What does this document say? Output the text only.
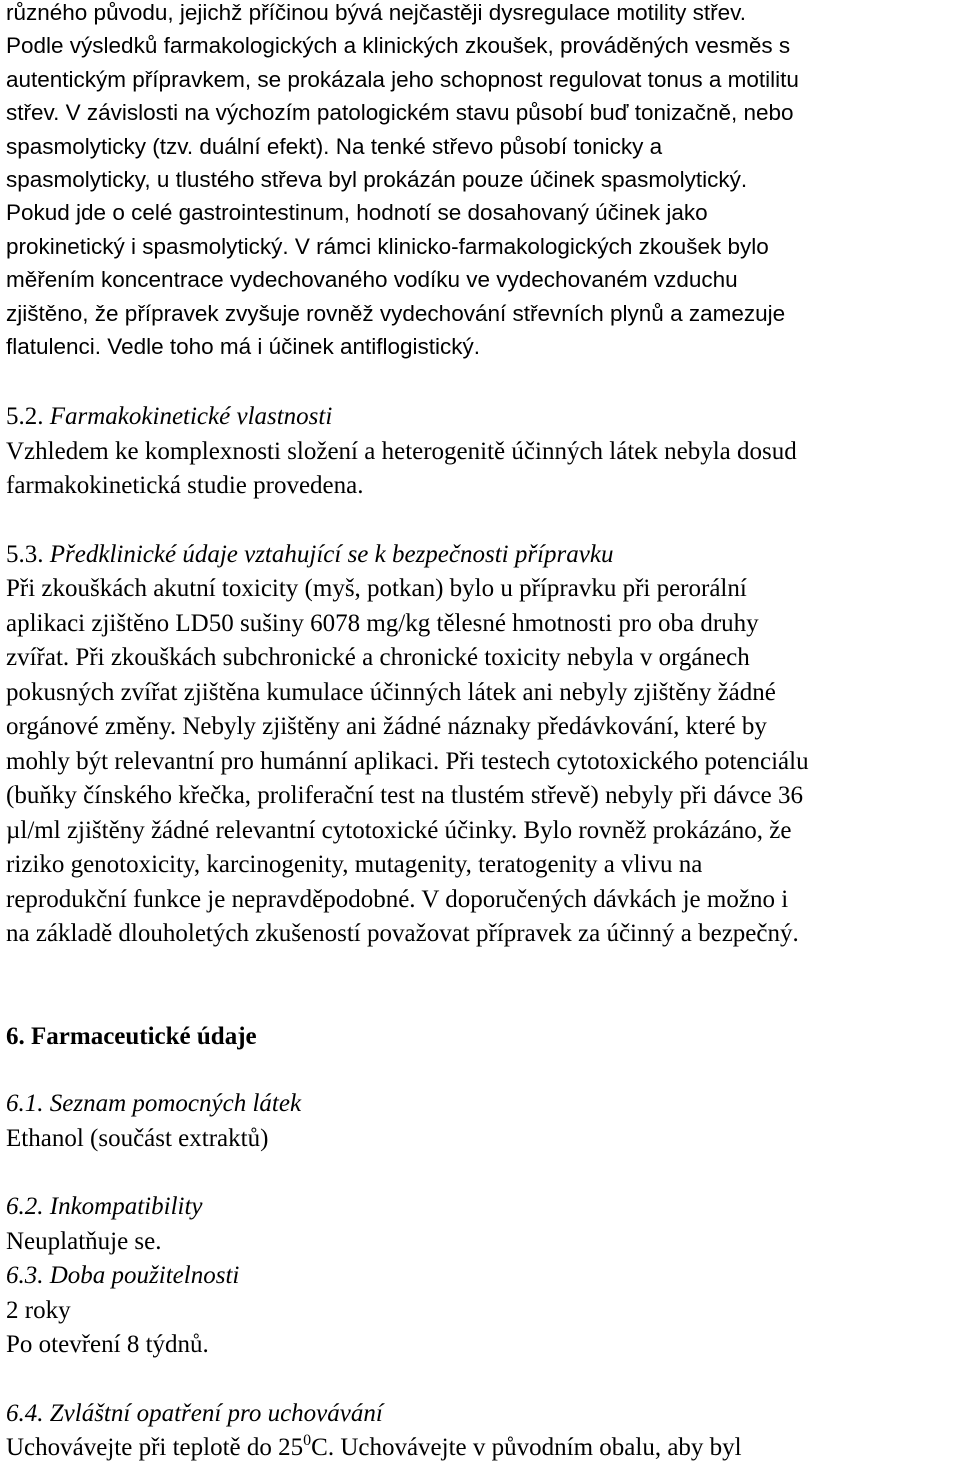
různého původu, jejichž příčinou bývá nejčastěji dysregulace motility střev.
Podle výsledků farmakologických a klinických zkoušek, prováděných vesměs s
autentickým přípravkem, se prokázala jeho schopnost regulovat tonus a motilitu
střev. V závislosti na výchozím patologickém stavu působí buď tonizačně, nebo
spasmolyticky (tzv. duální efekt). Na tenké střevo působí tonicky a
spasmolyticky, u tlustého střeva byl prokázán pouze účinek spasmolytický.
Pokud jde o celé gastrointestinum, hodnotí se dosahovaný účinek jako
prokinetický i spasmolytický. V rámci klinicko-farmakologických zkoušek bylo
měřením koncentrace vydechovaného vodíku ve vydechovaném vzduchu
zjištěno, že přípravek zvyšuje rovněž vydechování střevních plynů a zamezuje
flatulenci. Vedle toho má i účinek antiflogistický.

5.2. Farmakokinetické vlastnosti
Vzhledem ke komplexnosti složení a heterogenitě účinných látek nebyla dosud
farmakokinetická studie provedena.
5.3. Předklinické údaje vztahující se k bezpečnosti přípravku
Při zkouškách akutní toxicity (myš, potkan) bylo u přípravku při perorální
aplikaci zjištěno LD50 sušiny 6078 mg/kg tělesné hmotnosti pro oba druhy
zvířat. Při zkouškách subchronické a chronické toxicity nebyla v orgánech
pokusných zvířat zjištěna kumulace účinných látek ani nebyly zjištěny žádné
orgánové změny. Nebyly zjištěny ani žádné náznaky předávkování, které by
mohly být relevantní pro humánní aplikaci. Při testech cytotoxického potenciálu
(buňky čínského křečka, proliferační test na tlustém střevě) nebyly při dávce 36
µl/ml zjištěny žádné relevantní cytotoxické účinky. Bylo rovněž prokázáno, že
riziko genotoxicity, karcinogenity, mutagenity, teratogenity a vlivu na
reprodukční funkce je nepravděpodobné. V doporučených dávkách je možno i
na základě dlouholetých zkušeností považovat přípravek za účinný a bezpečný.
6. Farmaceutické údaje
6.1. Seznam pomocných látek
Ethanol (součást extraktů)
6.2. Inkompatibility
Neuplatňuje se.
6.3. Doba použitelnosti
2 roky
Po otevření 8 týdnů.
6.4. Zvláštní opatření pro uchovávání
Uchovávejte při teplotě do $25^0C$. Uchovávejte v původním obalu, aby byl
